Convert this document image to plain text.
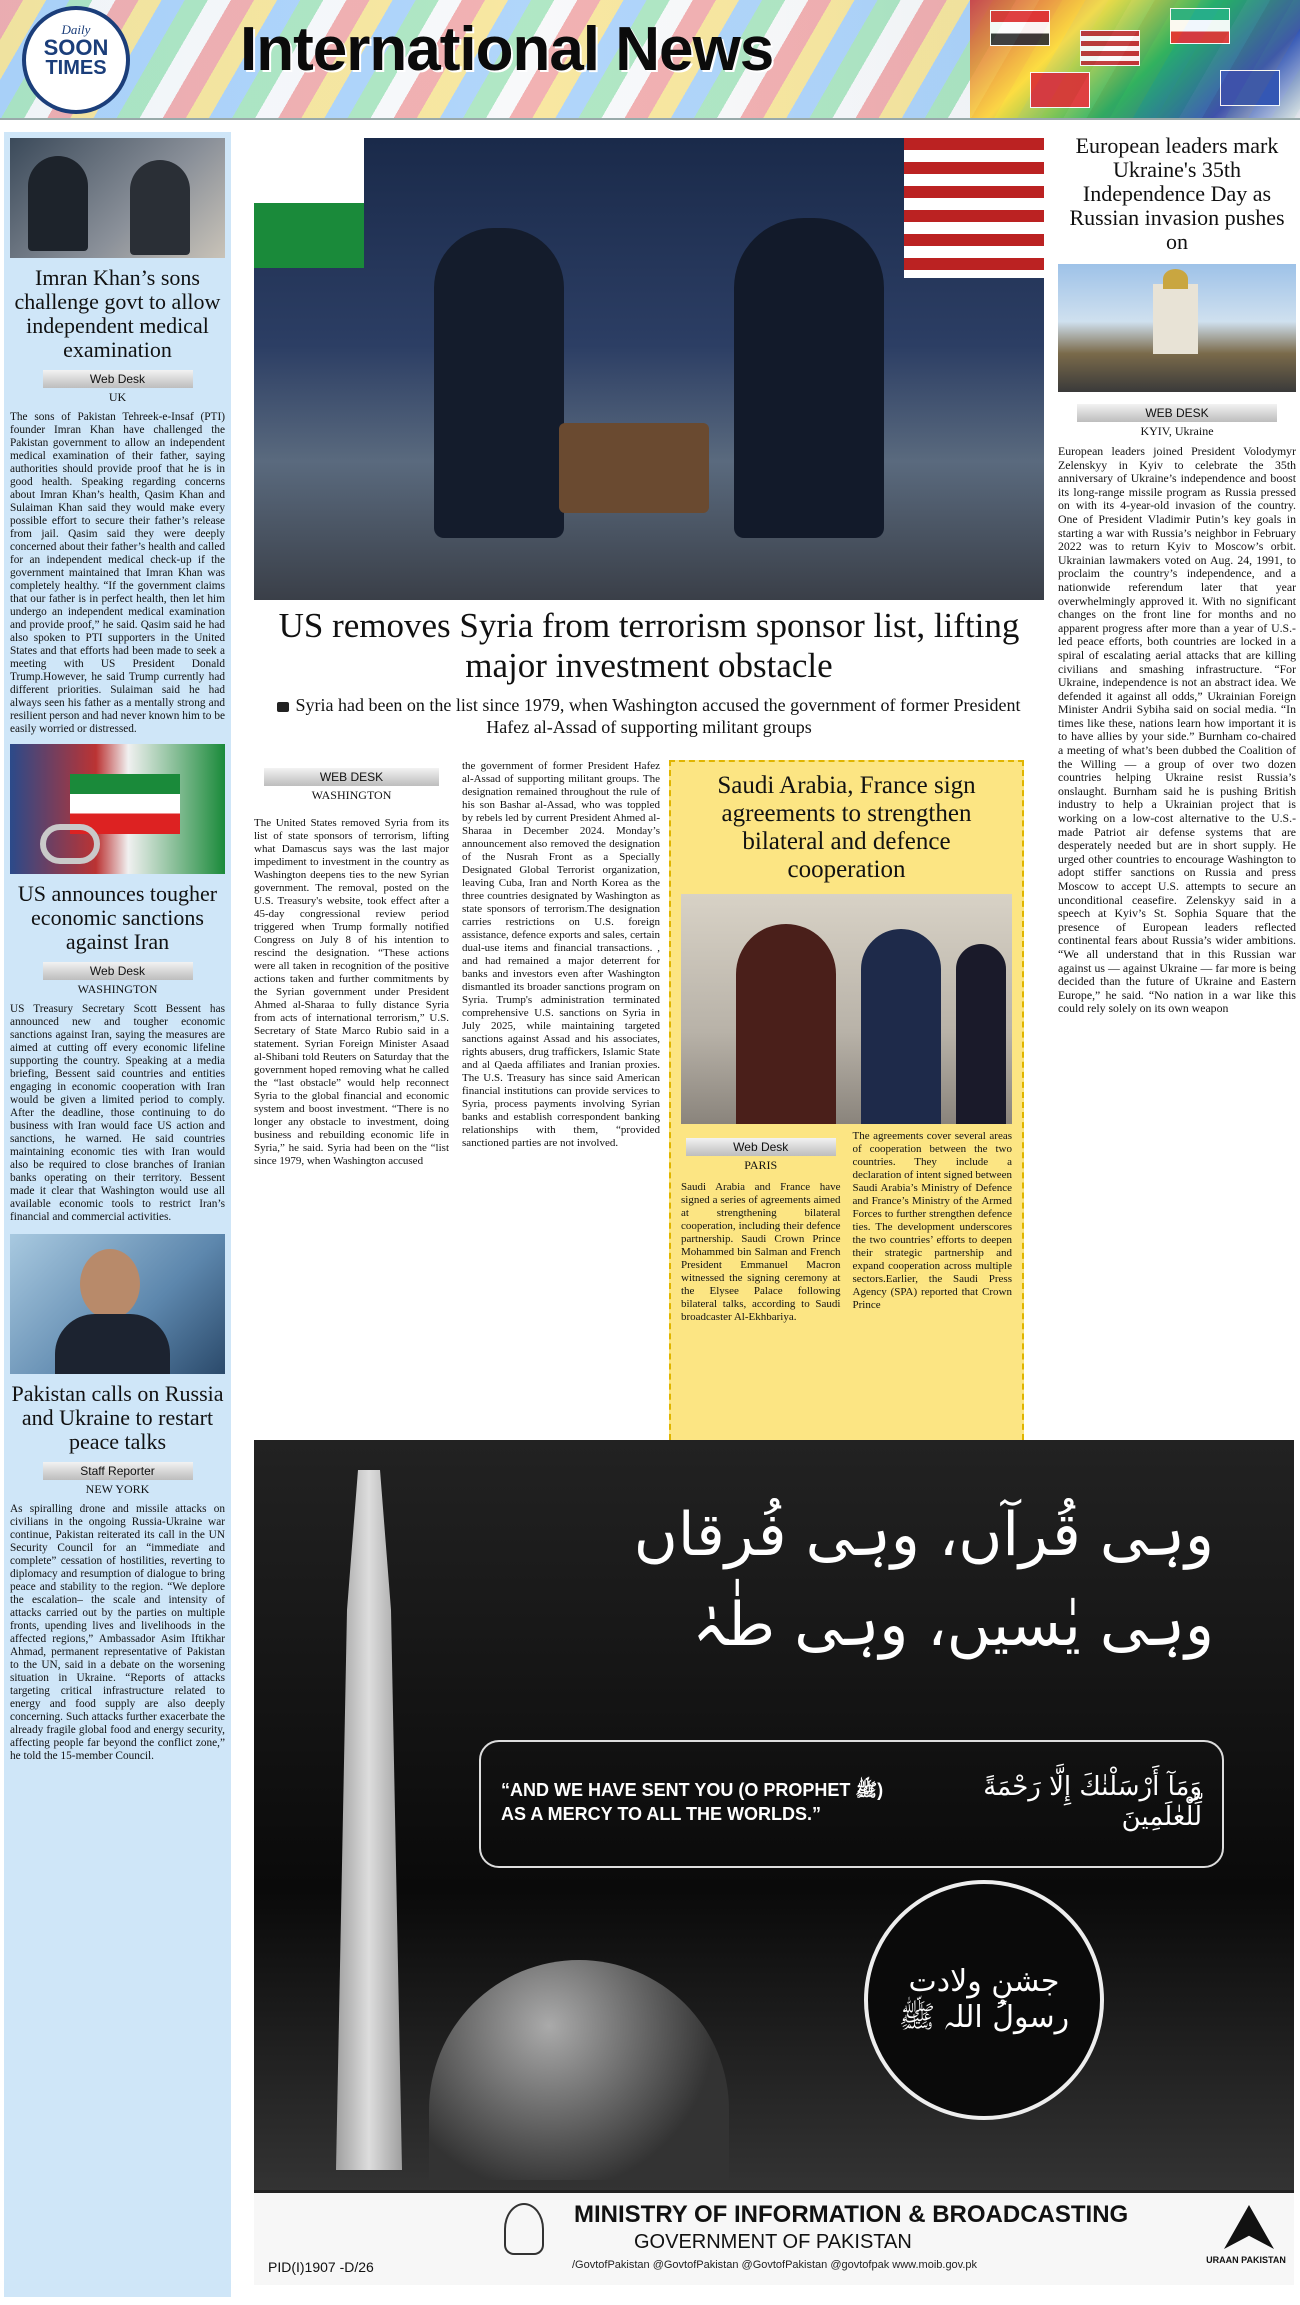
Daily
SOON
TIMES	International News
Imran Khan’s sons challenge govt to allow independent medical examination
Web Desk
UK
The sons of Pakistan Tehreek-e-Insaf (PTI) founder Imran Khan have challenged the Pakistan government to allow an independent medical examination of their father, saying authorities should provide proof that he is in good health. Speaking regarding concerns about Imran Khan’s health, Qasim Khan and Sulaiman Khan said they would make every possible effort to secure their father’s release from jail. Qasim said they were deeply concerned about their father’s health and called for an independent medical check-up if the government maintained that Imran Khan was completely healthy. “If the government claims that our father is in perfect health, then let him undergo an independent medical examination and provide proof,” he said. Qasim said he had also spoken to PTI supporters in the United States and that efforts had been made to seek a meeting with US President Donald Trump.However, he said Trump currently had different priorities. Sulaiman said he had always seen his father as a mentally strong and resilient person and had never known him to be easily worried or distressed.
US announces tougher economic sanctions against Iran
Web Desk
WASHINGTON
US Treasury Secretary Scott Bessent has announced new and tougher economic sanctions against Iran, saying the measures are aimed at cutting off every economic lifeline supporting the country. Speaking at a media briefing, Bessent said countries and entities engaging in economic cooperation with Iran would be given a limited period to comply. After the deadline, those continuing to do business with Iran would face US action and sanctions, he warned. He said countries maintaining economic ties with Iran would also be required to close branches of Iranian banks operating on their territory. Bessent made it clear that Washington would use all available economic tools to restrict Iran’s financial and commercial activities.
Pakistan calls on Russia and Ukraine to restart peace talks
Staff Reporter
NEW YORK
As spiralling drone and missile attacks on civilians in the ongoing Russia-Ukraine war continue, Pakistan reiterated its call in the UN Security Council for an “immediate and complete” cessation of hostilities, reverting to diplomacy and resumption of dialogue to bring peace and stability to the region. “We deplore the escalation– the scale and intensity of attacks carried out by the parties on multiple fronts, upending lives and livelihoods in the affected regions,” Ambassador Asim Iftikhar Ahmad, permanent representative of Pakistan to the UN, said in a debate on the worsening situation in Ukraine. “Reports of attacks targeting critical infrastructure related to energy and food supply are also deeply concerning. Such attacks further exacerbate the already fragile global food and energy security, affecting people far beyond the conflict zone,” he told the 15-member Council.
US removes Syria from terrorism sponsor list, lifting major investment obstacle
Syria had been on the list since 1979, when Washington accused the government of former President Hafez al-Assad of supporting militant groups
WEB DESK
WASHINGTON
The United States removed Syria from its list of state sponsors of terrorism, lifting what Damascus says was the last major impediment to investment in the country as Washington deepens ties to the new Syrian government. The removal, posted on the U.S. Treasury's website, took effect after a 45-day congressional review period triggered when Trump formally notified Congress on July 8 of his intention to rescind the designation. “These actions were all taken in recognition of the positive actions taken and further commitments by the Syrian government under President Ahmed al-Sharaa to fully distance Syria from acts of international terrorism,” U.S. Secretary of State Marco Rubio said in a statement. Syrian Foreign Minister Asaad al-Shibani told Reuters on Saturday that the government hoped removing what he called the “last obstacle” would help reconnect Syria to the global financial and economic system and boost investment. “There is no longer any obstacle to investment, doing business and rebuilding economic life in Syria,” he said. Syria had been on the “list since 1979, when Washington accused
the government of former President Hafez al-Assad of supporting militant groups. The designation remained throughout the rule of his son Bashar al-Assad, who was toppled by rebels led by current President Ahmed al-Sharaa in December 2024. Monday’s announcement also removed the designation of the Nusrah Front as a Specially Designated Global Terrorist organization, leaving Cuba, Iran and North Korea as the three countries designated by Washington as state sponsors of terrorism.The designation carries restrictions on U.S. foreign assistance, defence exports and sales, certain dual-use items and financial transactions. , and had remained a major deterrent for banks and investors even after Washington dismantled its broader sanctions program on Syria. Trump's administration terminated comprehensive U.S. sanctions on Syria in July 2025, while maintaining targeted sanctions against Assad and his associates, rights abusers, drug traffickers, Islamic State and al Qaeda affiliates and Iranian proxies. The U.S. Treasury has since said American financial institutions can provide services to Syria, process payments involving Syrian banks and establish correspondent banking relationships with them, “provided sanctioned parties are not involved.
Saudi Arabia, France sign agreements to strengthen bilateral and defence cooperation
Web Desk
PARIS
Saudi Arabia and France have signed a series of agreements aimed at strengthening bilateral cooperation, including their defence partnership. Saudi Crown Prince Mohammed bin Salman and French President Emmanuel Macron witnessed the signing ceremony at the Elysee Palace following bilateral talks, according to Saudi broadcaster Al-Ekhbariya.
The agreements cover several areas of cooperation between the two countries. They include a declaration of intent signed between Saudi Arabia’s Ministry of Defence and France’s Ministry of the Armed Forces to further strengthen defence ties. The development underscores the two countries’ efforts to deepen their strategic partnership and expand cooperation across multiple sectors.Earlier, the Saudi Press Agency (SPA) reported that Crown Prince
European leaders mark Ukraine's 35th Independence Day as Russian invasion pushes on
WEB DESK
KYIV, Ukraine
European leaders joined President Volodymyr Zelenskyy in Kyiv to celebrate the 35th anniversary of Ukraine’s independence and boost its long-range missile program as Russia pressed on with its 4-year-old invasion of the country. One of President Vladimir Putin’s key goals in starting a war with Russia’s neighbor in February 2022 was to return Kyiv to Moscow’s orbit. Ukrainian lawmakers voted on Aug. 24, 1991, to proclaim the country’s independence, and a nationwide referendum later that year overwhelmingly approved it. With no significant changes on the front line for months and no apparent progress after more than a year of U.S.-led peace efforts, both countries are locked in a spiral of escalating aerial attacks that are killing civilians and smashing infrastructure. “For Ukraine, independence is not an abstract idea. We defended it against all odds,” Ukrainian Foreign Minister Andrii Sybiha said on social media. “In times like these, nations learn how important it is to have allies by your side.” Burnham co-chaired a meeting of what’s been dubbed the Coalition of the Willing — a group of over two dozen countries helping Ukraine resist Russia’s onslaught. Burnham said he is pushing British industry to help a Ukrainian project that is working on a low-cost alternative to the U.S.-made Patriot air defense systems that are desperately needed but are in short supply. He urged other countries to encourage Washington to adopt stiffer sanctions on Russia and press Moscow to accept U.S. attempts to secure an unconditional ceasefire. Zelenskyy said in a speech at Kyiv’s St. Sophia Square that the presence of European leaders reflected continental fears about Russia’s wider ambitions. “We all understand that in this Russian war against us — against Ukraine — far more is being decided than the future of Ukraine and Eastern Europe,” he said. “No nation in a war like this could rely solely on its own weapon
وہی قُرآں، وہی فُرقاں
وہی یٰسیں، وہی طٰہٰ
“AND WE HAVE SENT YOU (O PROPHET ﷺ) AS A MERCY TO ALL THE WORLDS.”
وَمَآ أَرْسَلْنٰكَ إِلَّا رَحْمَةً لِّلْعٰلَمِينَ
جشنِ ولادت رسولُ اللہ ﷺ
MINISTRY OF INFORMATION & BROADCASTING
GOVERNMENT OF PAKISTAN
/GovtofPakistan @GovtofPakistan @GovtofPakistan @govtofpak www.moib.gov.pk
PID(I)1907 -D/26	URAAN PAKISTAN
